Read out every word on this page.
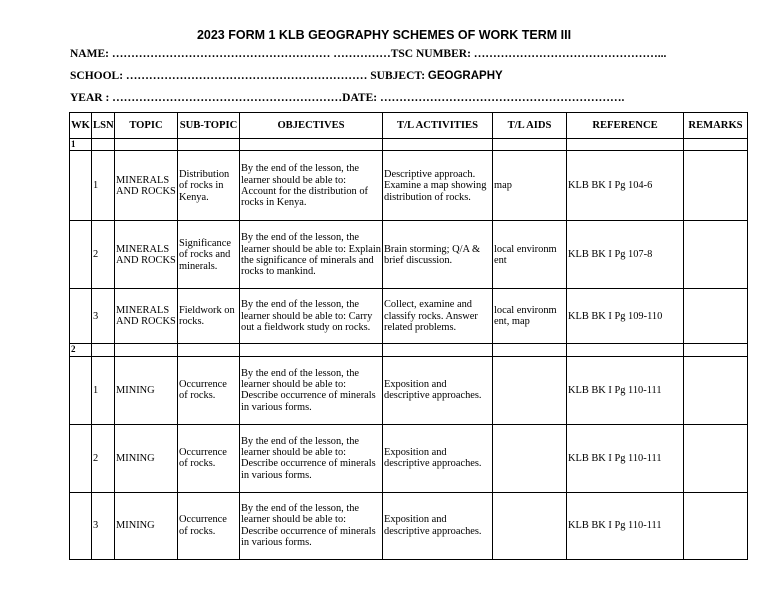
2023 FORM 1 KLB GEOGRAPHY SCHEMES OF WORK TERM III
NAME: ………………………………………………… ……………TSC NUMBER: …………………………………………...
SCHOOL: ……………………………………………………… SUBJECT: GEOGRAPHY
YEAR : ……………………………………………………DATE: ……………………………………………………….
WK	LSN	TOPIC	SUB-TOPIC	OBJECTIVES	T/L ACTIVITIES	T/L AIDS	REFERENCE	REMARKS
1								
	1	MINERALS AND ROCKS	Distribution of rocks in Kenya.	By the end of the lesson, the learner should be able to: Account for the distribution of rocks in Kenya.	Descriptive approach. Examine a map showing distribution of rocks.	map	KLB BK I Pg 104-6	
	2	MINERALS AND ROCKS	Significance of rocks and minerals.	By the end of the lesson, the learner should be able to: Explain the significance of minerals and rocks to mankind.	Brain storming; Q/A & brief discussion.	local environm ent	KLB BK I Pg 107-8	
	3	MINERALS AND ROCKS	Fieldwork on rocks.	By the end of the lesson, the learner should be able to: Carry out a fieldwork study on rocks.	Collect, examine and classify rocks. Answer related problems.	local environm ent, map	KLB BK I Pg 109-110	
2								
	1	MINING	Occurrence of rocks.	By the end of the lesson, the learner should be able to: Describe occurrence of minerals in various forms.	Exposition and descriptive approaches.		KLB BK I Pg 110-111	
	2	MINING	Occurrence of rocks.	By the end of the lesson, the learner should be able to: Describe occurrence of minerals in various forms.	Exposition and descriptive approaches.		KLB BK I Pg 110-111	
	3	MINING	Occurrence of rocks.	By the end of the lesson, the learner should be able to: Describe occurrence of minerals in various forms.	Exposition and descriptive approaches.		KLB BK I Pg 110-111	
